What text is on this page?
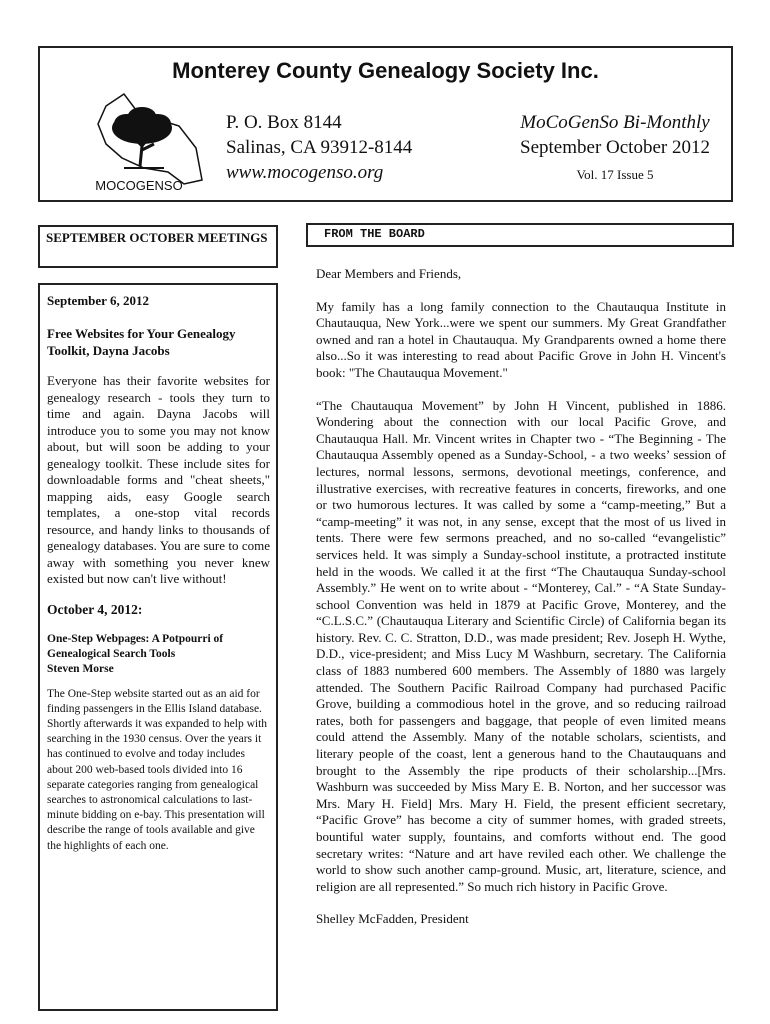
Monterey County Genealogy Society Inc.
MOCOGENSO
P. O. Box 8144
Salinas, CA 93912-8144
www.mocogenso.org
MoCoGenSo Bi-Monthly
September October 2012
Vol. 17 Issue 5
SEPTEMBER OCTOBER MEETINGS

September 6, 2012

Free Websites for Your Genealogy Toolkit, Dayna Jacobs

Everyone has their favorite websites for genealogy research - tools they turn to time and again. Dayna Jacobs will introduce you to some you may not know about, but will soon be adding to your genealogy toolkit. These include sites for downloadable forms and "cheat sheets," mapping aids, easy Google search templates, a one-stop vital records resource, and handy links to thousands of genealogy databases. You are sure to come away with something you never knew existed but now can't live without!

October 4, 2012:

One-Step Webpages: A Potpourri of Genealogical Search Tools
Steven Morse

The One-Step website started out as an aid for finding passengers in the Ellis Island database. Shortly afterwards it was expanded to help with searching in the 1930 census. Over the years it has continued to evolve and today includes about 200 web-based tools divided into 16 separate categories ranging from genealogical searches to astronomical calculations to last-minute bidding on e-bay. This presentation will describe the range of tools available and give the highlights of each one.

FROM THE BOARD

Dear Members and Friends,

My family has a long family connection to the Chautauqua Institute in Chautauqua, New York...were we spent our summers. My Great Grandfather owned and ran a hotel in Chautauqua. My Grandparents owned a home there also...So it was interesting to read about Pacific Grove in John H. Vincent's book: "The Chautauqua Movement."

“The Chautauqua Movement” by John H Vincent, published in 1886. Wondering about the connection with our local Pacific Grove, and Chautauqua Hall. Mr. Vincent writes in Chapter two - “The Beginning - The Chautauqua Assembly opened as a Sunday-School, - a two weeks’ session of lectures, normal lessons, sermons, devotional meetings, conference, and illustrative exercises, with recreative features in concerts, fireworks, and one or two humorous lectures. It was called by some a “camp-meeting,” But a “camp-meeting” it was not, in any sense, except that the most of us lived in tents. There were few sermons preached, and no so-called “evangelistic” services held. It was simply a Sunday-school institute, a protracted institute held in the woods. We called it at the first “The Chautauqua Sunday-school Assembly.” He went on to write about - “Monterey, Cal.” - “A State Sunday-school Convention was held in 1879 at Pacific Grove, Monterey, and the “C.L.S.C.” (Chautauqua Literary and Scientific Circle) of California began its history. Rev. C. C. Stratton, D.D., was made president; Rev. Joseph H. Wythe, D.D., vice-president; and Miss Lucy M Washburn, secretary. The California class of 1883 numbered 600 members. The Assembly of 1880 was largely attended. The Southern Pacific Railroad Company had purchased Pacific Grove, building a commodious hotel in the grove, and so reducing railroad rates, both for passengers and baggage, that people of even limited means could attend the Assembly. Many of the notable scholars, scientists, and literary people of the coast, lent a generous hand to the Chautauquans and brought to the Assembly the ripe products of their scholarship...[Mrs. Washburn was succeeded by Miss Mary E. B. Norton, and her successor was Mrs. Mary H. Field] Mrs. Mary H. Field, the present efficient secretary, “Pacific Grove” has become a city of summer homes, with graded streets, bountiful water supply, fountains, and comforts without end. The good secretary writes: “Nature and art have reviled each other. We challenge the world to show such another camp-ground. Music, art, literature, science, and religion are all represented.” So much rich history in Pacific Grove.

Shelley McFadden, President
